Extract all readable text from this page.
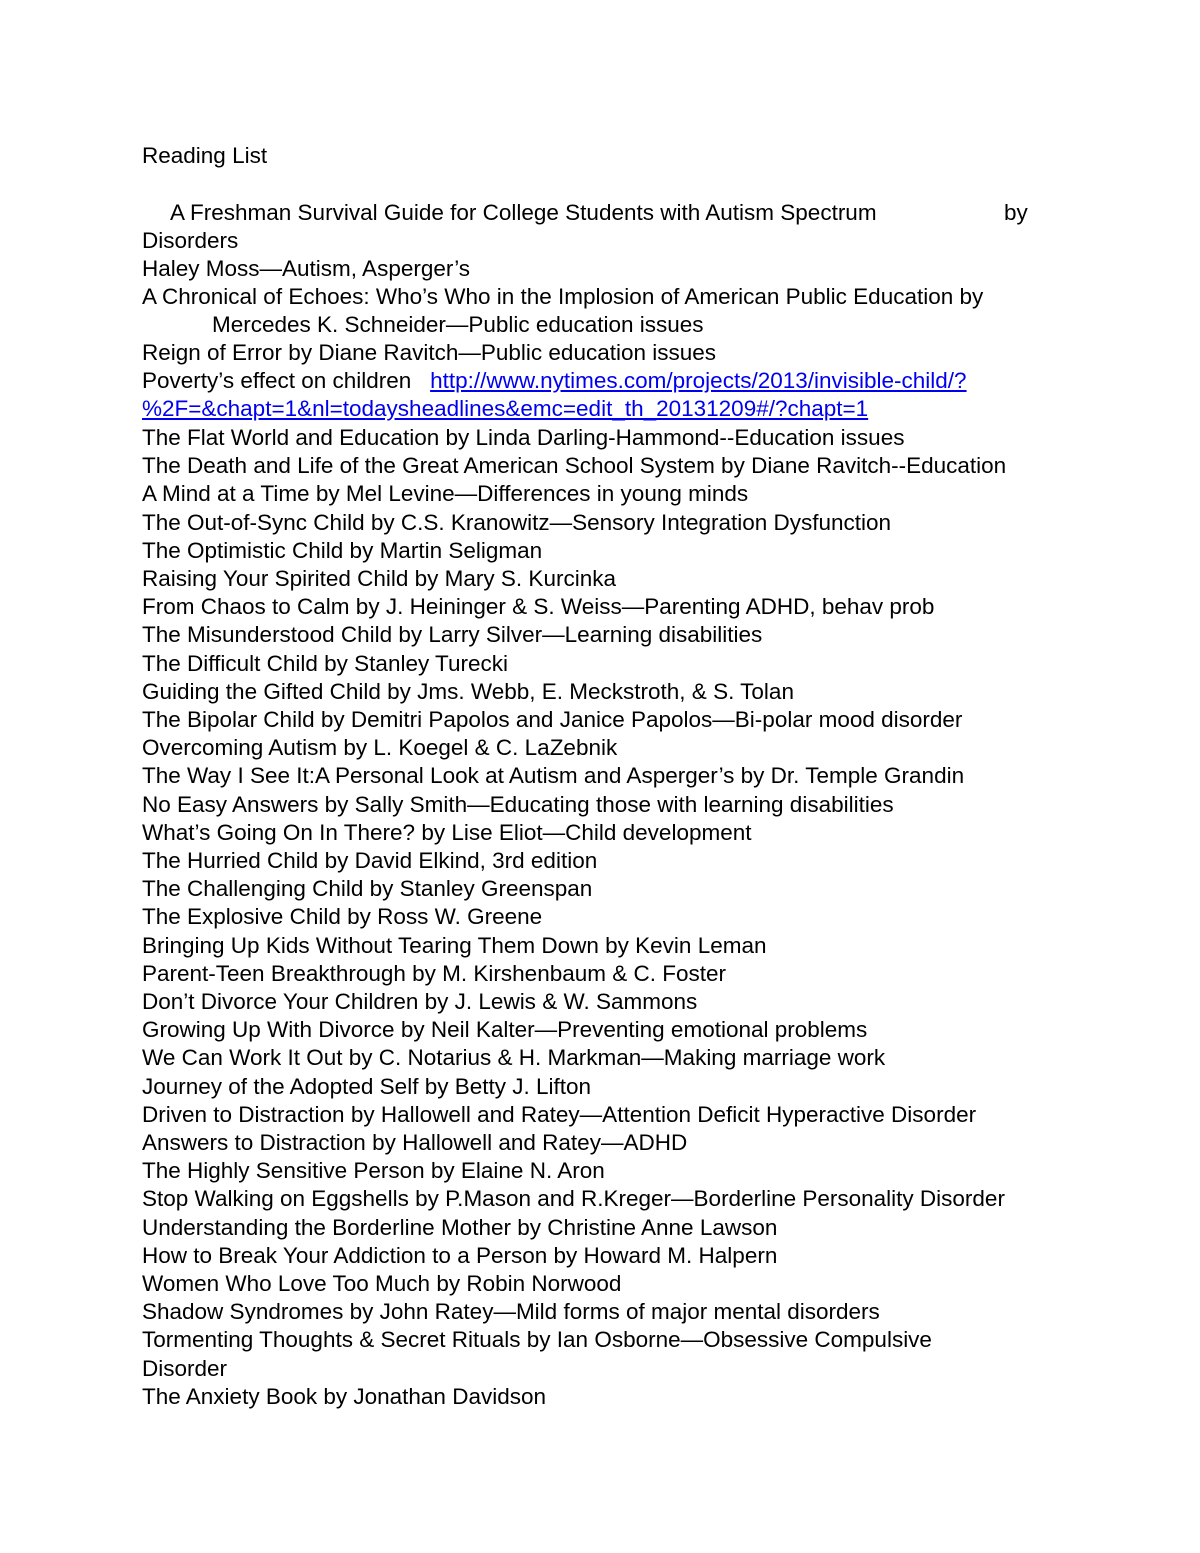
Reading List

A Freshman Survival Guide for College Students with Autism Spectrum	by

Disorders

Haley Moss—Autism, Asperger’s

A Chronical of Echoes: Who’s Who in the Implosion of American Public Education by

Mercedes K. Schneider—Public education issues

Reign of Error by Diane Ravitch—Public education issues

Poverty’s effect on children http://www.nytimes.com/projects/2013/invisible-child/?

%2F=&chapt=1&nl=todaysheadlines&emc=edit_th_20131209#/?chapt=1

The Flat World and Education by Linda Darling-Hammond--Education issues

The Death and Life of the Great American School System by Diane Ravitch--Education

A Mind at a Time by Mel Levine—Differences in young minds

The Out-of-Sync Child by C.S. Kranowitz—Sensory Integration Dysfunction

The Optimistic Child by Martin Seligman

Raising Your Spirited Child by Mary S. Kurcinka

From Chaos to Calm by J. Heininger & S. Weiss—Parenting ADHD, behav prob

The Misunderstood Child by Larry Silver—Learning disabilities

The Difficult Child by Stanley Turecki

Guiding the Gifted Child by Jms. Webb, E. Meckstroth, & S. Tolan

The Bipolar Child by Demitri Papolos and Janice Papolos—Bi-polar mood disorder

Overcoming Autism by L. Koegel & C. LaZebnik

The Way I See It:A Personal Look at Autism and Asperger’s by Dr. Temple Grandin

No Easy Answers by Sally Smith—Educating those with learning disabilities

What’s Going On In There? by Lise Eliot—Child development

The Hurried Child by David Elkind, 3rd edition

The Challenging Child by Stanley Greenspan

The Explosive Child by Ross W. Greene

Bringing Up Kids Without Tearing Them Down by Kevin Leman

Parent-Teen Breakthrough by M. Kirshenbaum & C. Foster

Don’t Divorce Your Children by J. Lewis & W. Sammons

Growing Up With Divorce by Neil Kalter—Preventing emotional problems

We Can Work It Out by C. Notarius & H. Markman—Making marriage work

Journey of the Adopted Self by Betty J. Lifton

Driven to Distraction by Hallowell and Ratey—Attention Deficit Hyperactive Disorder

Answers to Distraction by Hallowell and Ratey—ADHD

The Highly Sensitive Person by Elaine N. Aron

Stop Walking on Eggshells by P.Mason and R.Kreger—Borderline Personality Disorder

Understanding the Borderline Mother by Christine Anne Lawson

How to Break Your Addiction to a Person by Howard M. Halpern

Women Who Love Too Much by Robin Norwood

Shadow Syndromes by John Ratey—Mild forms of major mental disorders

Tormenting Thoughts & Secret Rituals by Ian Osborne—Obsessive Compulsive

Disorder

The Anxiety Book by Jonathan Davidson
